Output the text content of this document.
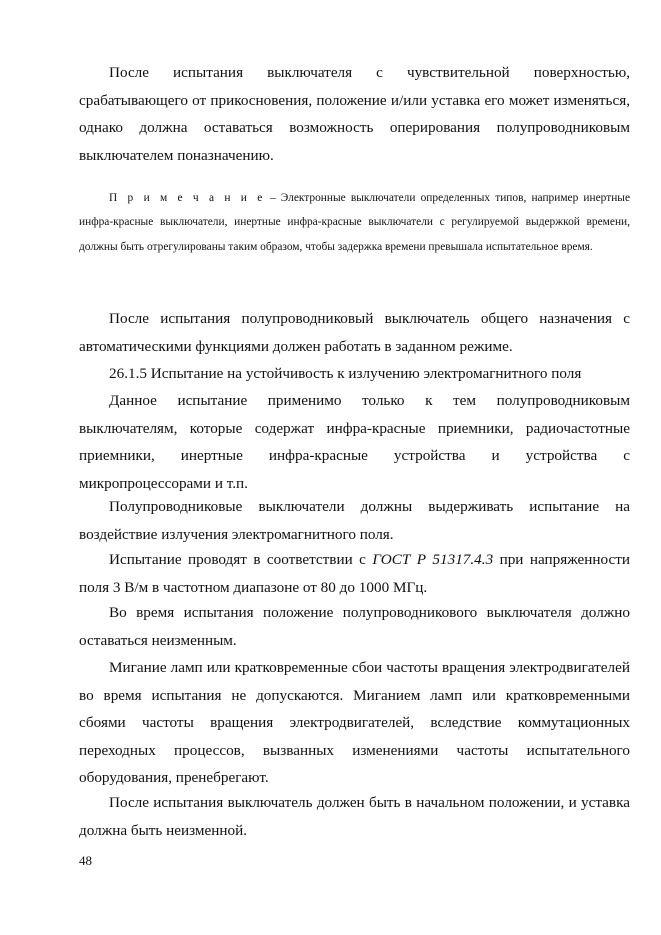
После испытания выключателя с чувствительной поверхностью, срабатывающего от прикосновения, положение и/или уставка его может изменяться, однако должна оставаться возможность оперирования полупроводниковым выключателем поназначению.

П р и м е ч а н и е – Электронные выключатели определенных типов, например инертные инфра-красные выключатели, инертные инфра-красные выключатели с регулируемой выдержкой времени, должны быть отрегулированы таким образом, чтобы задержка времени превышала испытательное время.

После испытания полупроводниковый выключатель общего назначения с автоматическими функциями должен работать в заданном режиме.

26.1.5 Испытание на устойчивость к излучению электромагнитного поля

Данное испытание применимо только к тем полупроводниковым выключателям, которые содержат инфра-красные приемники, радиочастотные приемники, инертные инфра-красные устройства и устройства с микропроцессорами и т.п.

Полупроводниковые выключатели должны выдерживать испытание на воздействие излучения электромагнитного поля.

Испытание проводят в соответствии с ГОСТ Р 51317.4.3 при напряженности поля 3 В/м в частотном диапазоне от 80 до 1000 МГц.

Во время испытания положение полупроводникового выключателя должно оставаться неизменным.

Мигание ламп или кратковременные сбои частоты вращения электродвигателей во время испытания не допускаются. Миганием ламп или кратковременными сбоями частоты вращения электродвигателей, вследствие коммутационных переходных процессов, вызванных изменениями частоты испытательного оборудования, пренебрегают.

После испытания выключатель должен быть в начальном положении, и уставка должна быть неизменной.

48
